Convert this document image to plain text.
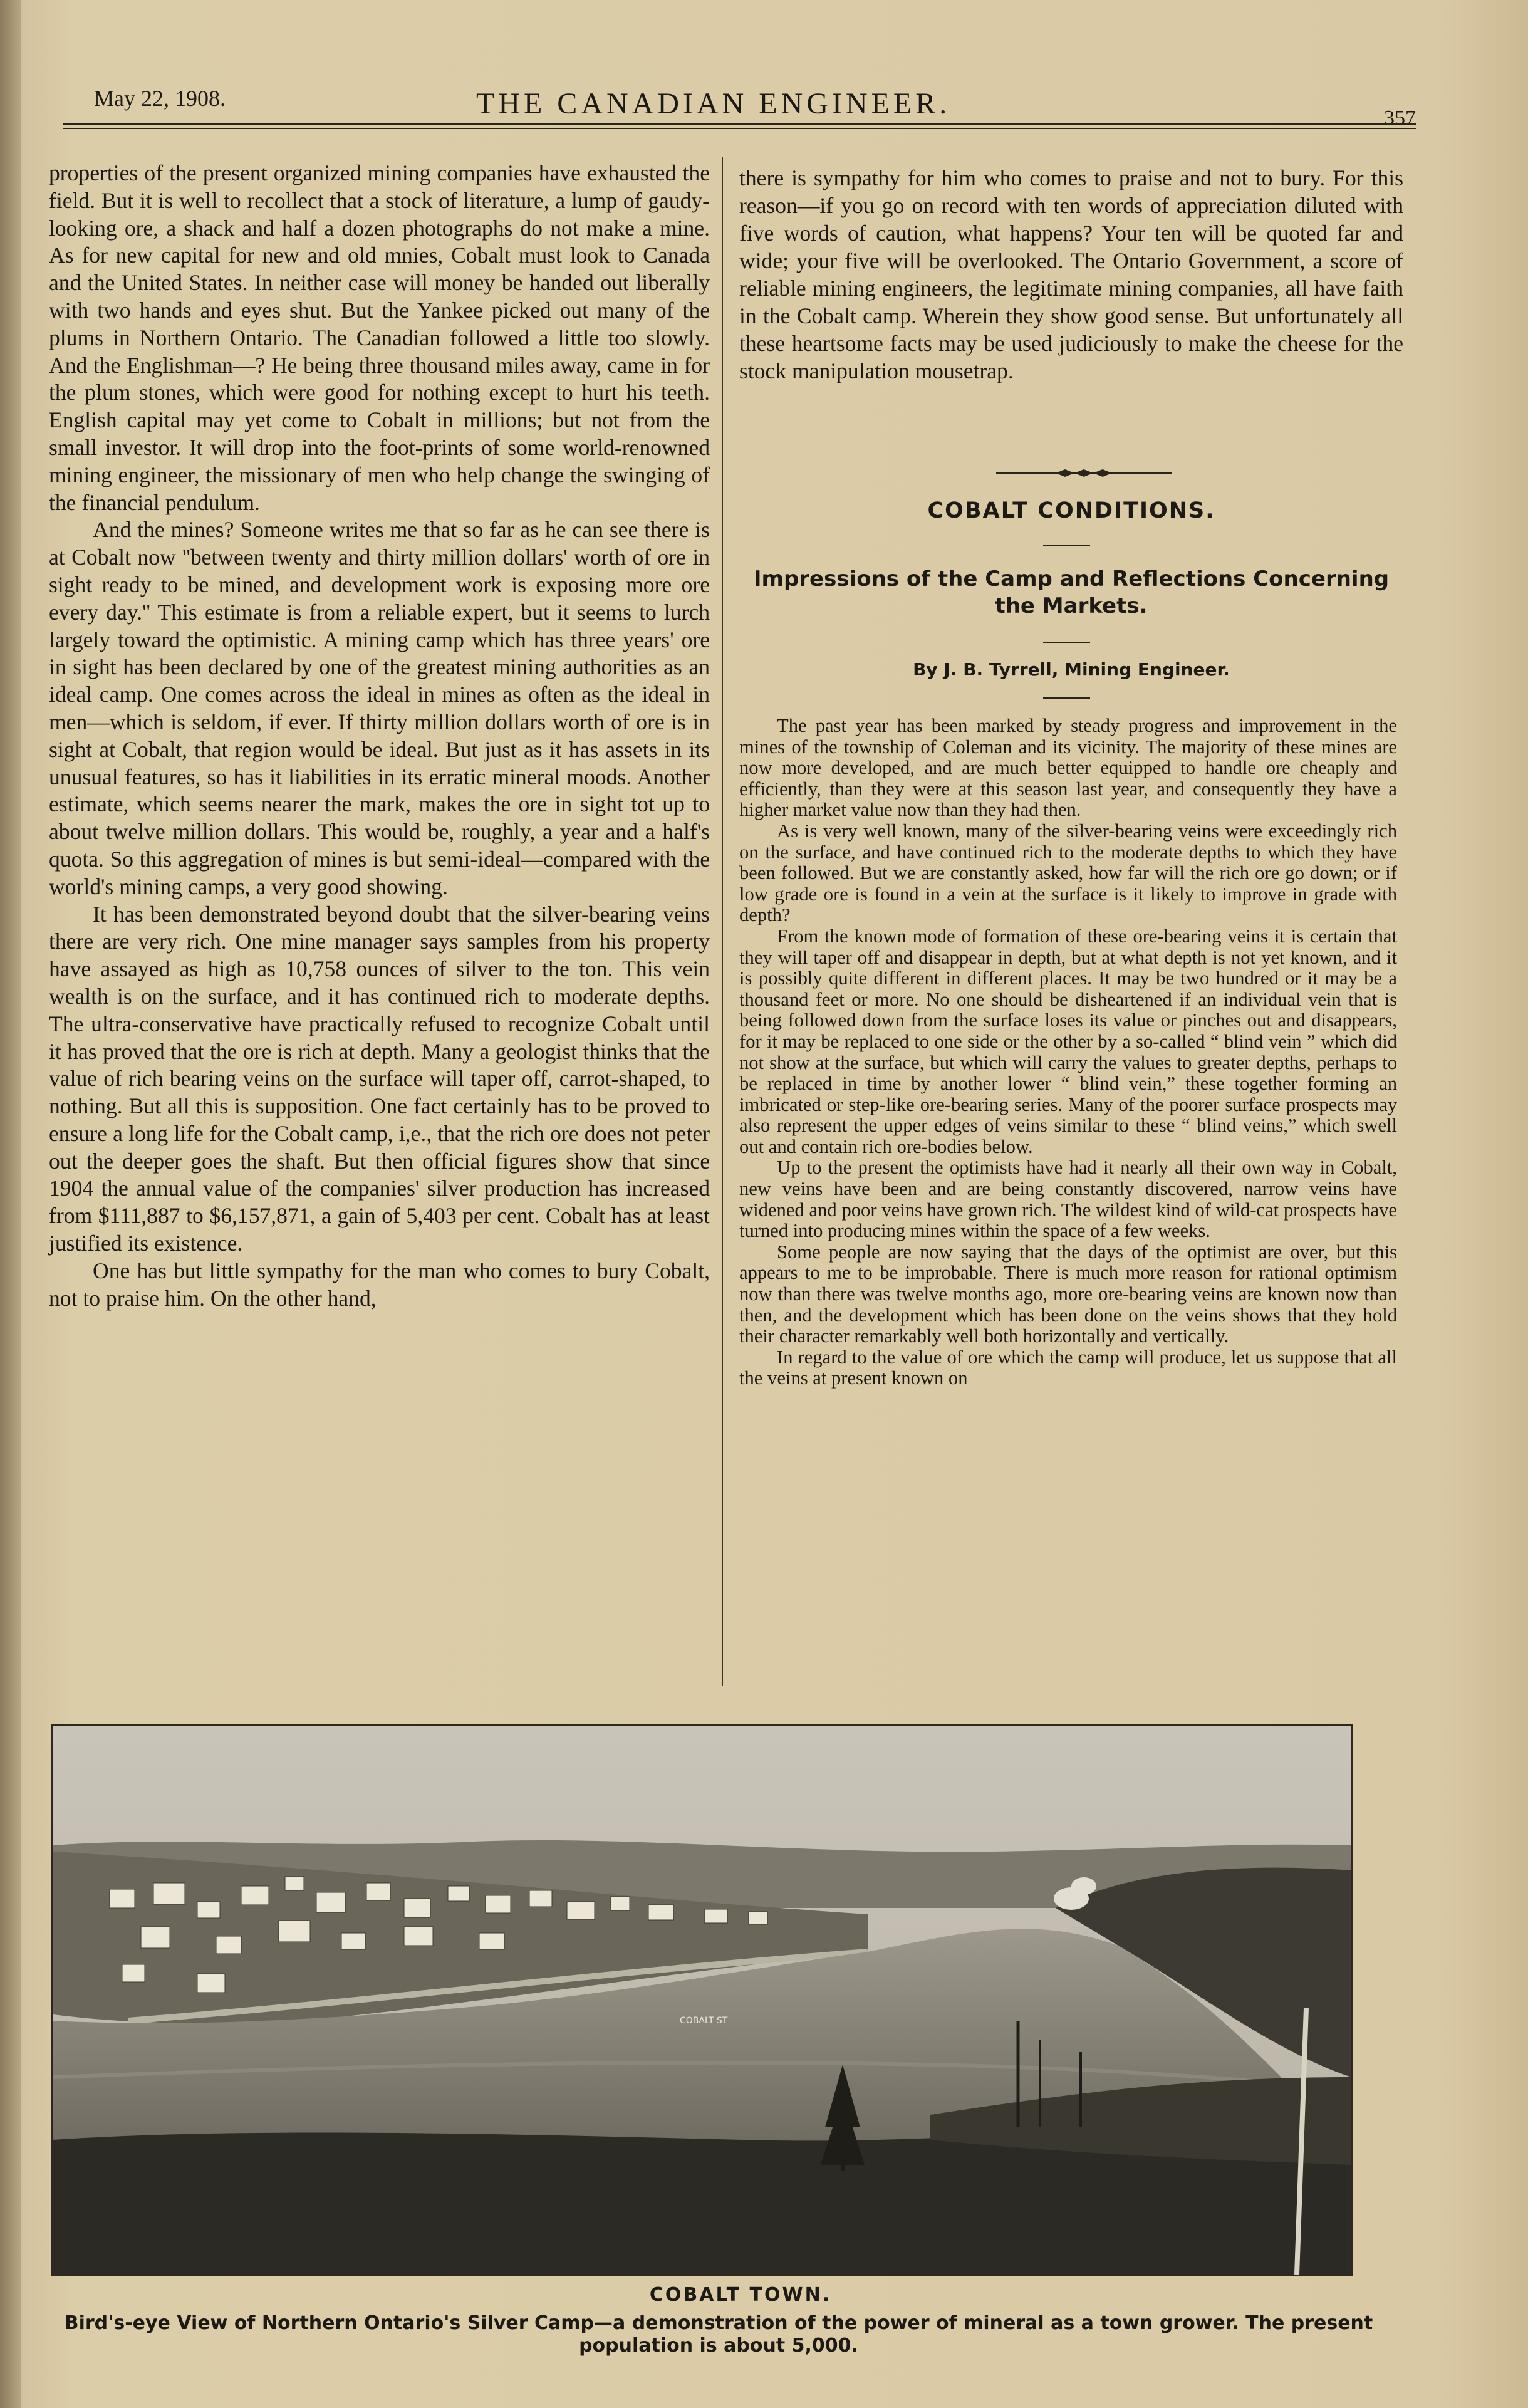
May 22, 1908.	THE CANADIAN ENGINEER.	357

properties of the present organized mining companies have exhausted the field. But it is well to recollect that a stock of literature, a lump of gaudy-looking ore, a shack and half a dozen photographs do not make a mine. As for new capital for new and old mnies, Cobalt must look to Canada and the United States. In neither case will money be handed out liberally with two hands and eyes shut. But the Yankee picked out many of the plums in Northern Ontario. The Canadian followed a little too slowly. And the Englishman—? He being three thousand miles away, came in for the plum stones, which were good for nothing except to hurt his teeth. English capital may yet come to Cobalt in millions; but not from the small investor. It will drop into the foot-prints of some world-renowned mining engineer, the missionary of men who help change the swinging of the financial pendulum.

And the mines? Someone writes me that so far as he can see there is at Cobalt now ''between twenty and thirty million dollars' worth of ore in sight ready to be mined, and development work is exposing more ore every day.'' This estimate is from a reliable expert, but it seems to lurch largely toward the optimistic. A mining camp which has three years' ore in sight has been declared by one of the greatest mining authorities as an ideal camp. One comes across the ideal in mines as often as the ideal in men—which is seldom, if ever. If thirty million dollars worth of ore is in sight at Cobalt, that region would be ideal. But just as it has assets in its unusual features, so has it liabilities in its erratic mineral moods. Another estimate, which seems nearer the mark, makes the ore in sight tot up to about twelve million dollars. This would be, roughly, a year and a half's quota. So this aggregation of mines is but semi-ideal—compared with the world's mining camps, a very good showing.

It has been demonstrated beyond doubt that the silver-bearing veins there are very rich. One mine manager says samples from his property have assayed as high as 10,758 ounces of silver to the ton. This vein wealth is on the surface, and it has continued rich to moderate depths. The ultra-conservative have practically refused to recognize Cobalt until it has proved that the ore is rich at depth. Many a geologist thinks that the value of rich bearing veins on the surface will taper off, carrot-shaped, to nothing. But all this is supposition. One fact certainly has to be proved to ensure a long life for the Cobalt camp, i,e., that the rich ore does not peter out the deeper goes the shaft. But then official figures show that since 1904 the annual value of the companies' silver production has increased from $111,887 to $6,157,871, a gain of 5,403 per cent. Cobalt has at least justified its existence.

One has but little sympathy for the man who comes to bury Cobalt, not to praise him. On the other hand,

there is sympathy for him who comes to praise and not to bury. For this reason—if you go on record with ten words of appreciation diluted with five words of caution, what happens? Your ten will be quoted far and wide; your five will be overlooked. The Ontario Government, a score of reliable mining engineers, the legitimate mining companies, all have faith in the Cobalt camp. Wherein they show good sense. But unfortunately all these heartsome facts may be used judiciously to make the cheese for the stock manipulation mousetrap.

COBALT CONDITIONS.
Impressions of the Camp and Reflections Concerning the Markets.
By J. B. Tyrrell, Mining Engineer.

The past year has been marked by steady progress and improvement in the mines of the township of Coleman and its vicinity. The majority of these mines are now more developed, and are much better equipped to handle ore cheaply and efficiently, than they were at this season last year, and consequently they have a higher market value now than they had then.

As is very well known, many of the silver-bearing veins were exceedingly rich on the surface, and have continued rich to the moderate depths to which they have been followed. But we are constantly asked, how far will the rich ore go down; or if low grade ore is found in a vein at the surface is it likely to improve in grade with depth?

From the known mode of formation of these ore-bearing veins it is certain that they will taper off and disappear in depth, but at what depth is not yet known, and it is possibly quite different in different places. It may be two hundred or it may be a thousand feet or more. No one should be disheartened if an individual vein that is being followed down from the surface loses its value or pinches out and disappears, for it may be replaced to one side or the other by a so-called “ blind vein ” which did not show at the surface, but which will carry the values to greater depths, perhaps to be replaced in time by another lower “ blind vein,” these together forming an imbricated or step-like ore-bearing series. Many of the poorer surface prospects may also represent the upper edges of veins similar to these “ blind veins,” which swell out and contain rich ore-bodies below.

Up to the present the optimists have had it nearly all their own way in Cobalt, new veins have been and are being constantly discovered, narrow veins have widened and poor veins have grown rich. The wildest kind of wild-cat prospects have turned into producing mines within the space of a few weeks.

Some people are now saying that the days of the optimist are over, but this appears to me to be improbable. There is much more reason for rational optimism now than there was twelve months ago, more ore-bearing veins are known now than then, and the development which has been done on the veins shows that they hold their character remarkably well both horizontally and vertically.

In regard to the value of ore which the camp will produce, let us suppose that all the veins at present known on

COBALT ST
COBALT TOWN.
Bird's-eye View of Northern Ontario's Silver Camp—a demonstration of the power of mineral as a town grower. The present population is about 5,000.
